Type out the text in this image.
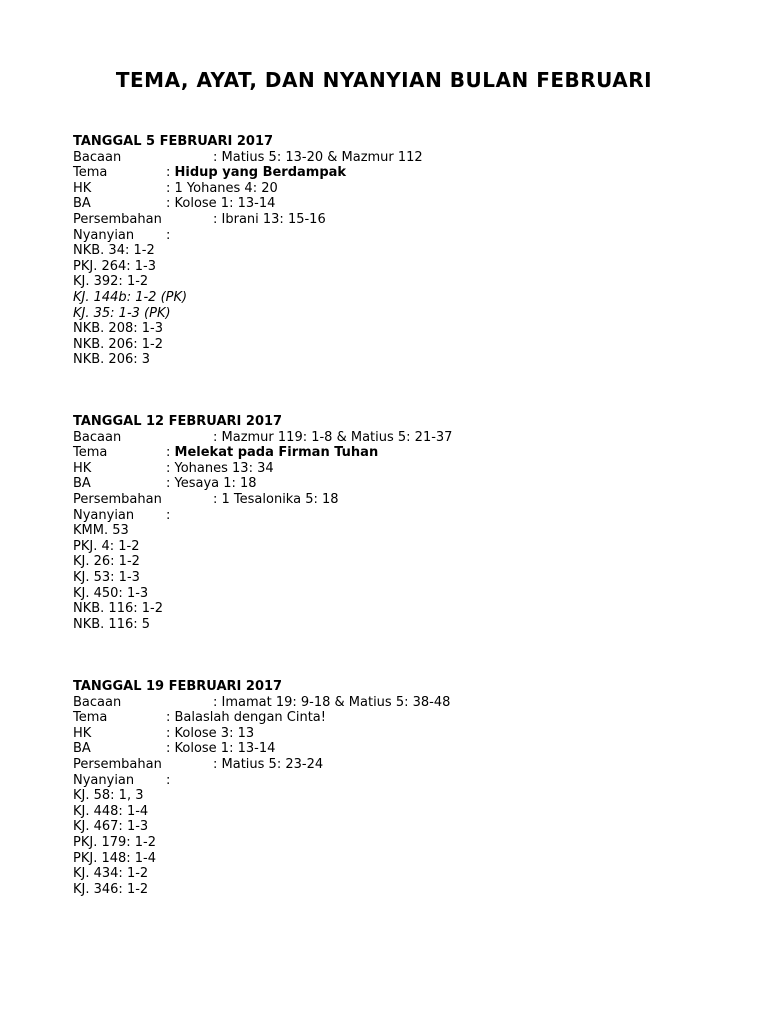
TEMA, AYAT, DAN NYANYIAN BULAN FEBRUARI
TANGGAL 5 FEBRUARI 2017

Bacaan

	: Matius 5: 13-20 & Mazmur 112

Tema

	: Hidup yang Berdampak

HK

	: 1 Yohanes 4: 20

BA

	: Kolose 1: 13-14

Persembahan

	: Ibrani 13: 15-16

Nyanyian

:

NKB. 34: 1-2
PKJ. 264: 1-3
KJ. 392: 1-2
KJ. 144b: 1-2 (PK)
KJ. 35: 1-3 (PK)
NKB. 208: 1-3
NKB. 206: 1-2
NKB. 206: 3
TANGGAL 12 FEBRUARI 2017

Bacaan

	: Mazmur 119: 1-8 & Matius 5: 21-37

Tema

	: Melekat pada Firman Tuhan

HK

	: Yohanes 13: 34

BA

	: Yesaya 1: 18

Persembahan

	: 1 Tesalonika 5: 18

Nyanyian

:

KMM. 53
PKJ. 4: 1-2
KJ. 26: 1-2
KJ. 53: 1-3
KJ. 450: 1-3
NKB. 116: 1-2
NKB. 116: 5
TANGGAL 19 FEBRUARI 2017

Bacaan

	: Imamat 19: 9-18 & Matius 5: 38-48

Tema

	: Balaslah dengan Cinta!

HK

	: Kolose 3: 13

BA

	: Kolose 1: 13-14

Persembahan

	: Matius 5: 23-24

Nyanyian

:

KJ. 58: 1, 3
KJ. 448: 1-4
KJ. 467: 1-3
PKJ. 179: 1-2
PKJ. 148: 1-4
KJ. 434: 1-2
KJ. 346: 1-2
